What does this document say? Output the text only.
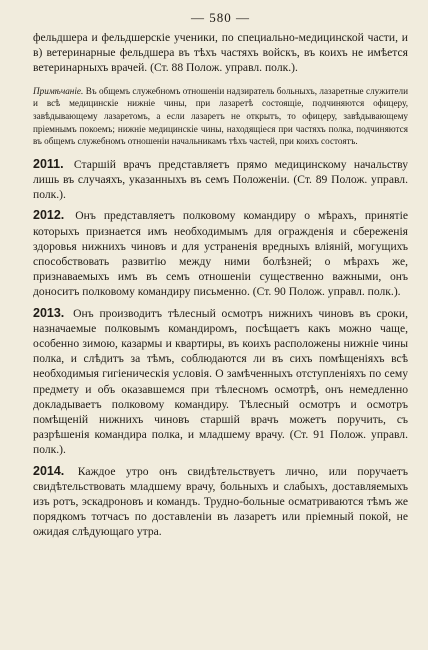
— 580 —

фельдшера и фельдшерскіе ученики, по специально-медицинской части, и в) ветеринарные фельдшера въ тѣхъ частяхъ войскъ, въ коихъ не имѣется ветеринарныхъ врачей. (Ст. 88 Полож. управл. полк.).

Примѣчаніе. Въ общемъ служебномъ отношеніи надзиратель больныхъ, лазаретные служители и всѣ медицинскіе нижніе чины, при лазаретѣ состоящіе, подчиняются офицеру, завѣдывающему лазаретомъ, а если лазаретъ не открытъ, то офицеру, завѣдывающему пріемнымъ покоемъ; нижніе медицинскіе чины, находящіеся при частяхъ полка, подчиняются въ общемъ служебномъ отношеніи начальникамъ тѣхъ частей, при коихъ состоятъ.

2011. Старшій врачъ представляетъ прямо медицинскому начальству лишь въ случаяхъ, указанныхъ въ семъ Положеніи. (Ст. 89 Полож. управл. полк.).

2012. Онъ представляетъ полковому командиру о мѣрахъ, принятіе которыхъ признается имъ необходимымъ для огражденія и сбереженія здоровья нижнихъ чиновъ и для устраненія вредныхъ вліяній, могущихъ способствовать развитію между ними болѣзней; о мѣрахъ же, признаваемыхъ имъ въ семъ отношеніи существенно важными, онъ доноситъ полковому командиру письменно. (Ст. 90 Полож. управл. полк.).

2013. Онъ производитъ тѣлесный осмотръ нижнихъ чиновъ въ сроки, назначаемые полковымъ командиромъ, посѣщаетъ какъ можно чаще, особенно зимою, казармы и квартиры, въ коихъ расположены нижніе чины полка, и слѣдитъ за тѣмъ, соблюдаются ли въ сихъ помѣщеніяхъ всѣ необходимыя гигіеническія условія. О замѣченныхъ отступленіяхъ по сему предмету и объ оказавшемся при тѣлесномъ осмотрѣ, онъ немедленно докладываетъ полковому командиру. Тѣлесный осмотръ и осмотръ помѣщеній нижнихъ чиновъ старшій врачъ можетъ поручить, съ разрѣшенія командира полка, и младшему врачу. (Ст. 91 Полож. управл. полк.).

2014. Каждое утро онъ свидѣтельствуетъ лично, или поручаетъ свидѣтельствовать младшему врачу, больныхъ и слабыхъ, доставляемыхъ изъ ротъ, эскадроновъ и командъ. Трудно-больные осматриваются тѣмъ же порядкомъ тотчасъ по доставленіи въ лазаретъ или пріемный покой, не ожидая слѣдующаго утра.
